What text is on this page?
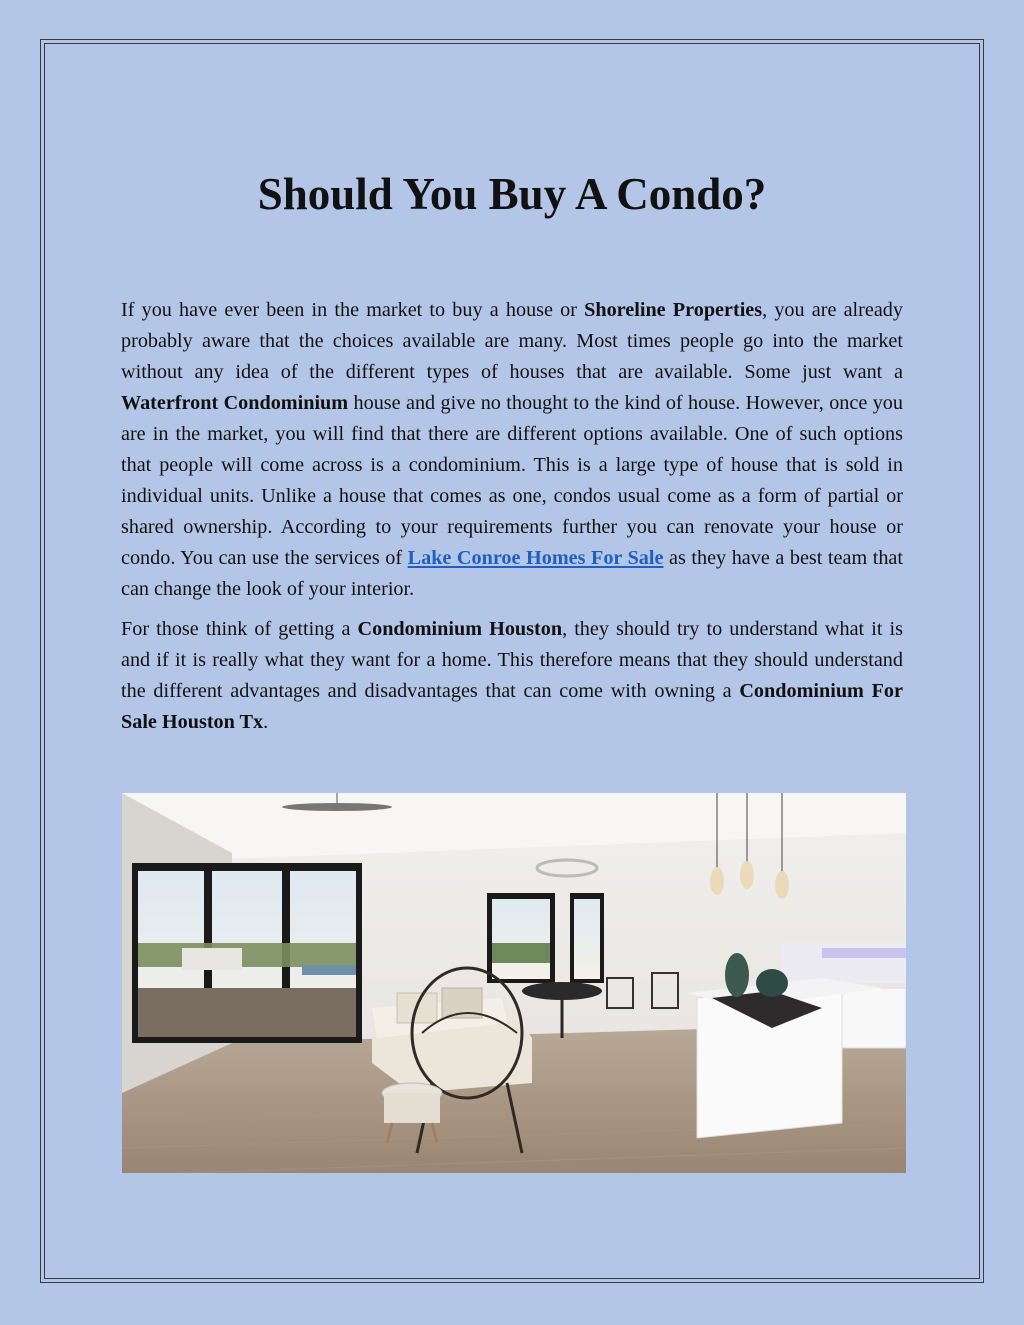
Should You Buy A Condo?

If you have ever been in the market to buy a house or Shoreline Properties, you are already probably aware that the choices available are many. Most times people go into the market without any idea of the different types of houses that are available. Some just want a Waterfront Condominium house and give no thought to the kind of house. However, once you are in the market, you will find that there are different options available. One of such options that people will come across is a condominium. This is a large type of house that is sold in individual units. Unlike a house that comes as one, condos usual come as a form of partial or shared ownership. According to your requirements further you can renovate your house or condo. You can use the services of Lake Conroe Homes For Sale as they have a best team that can change the look of your interior.

For those think of getting a Condominium Houston, they should try to understand what it is and if it is really what they want for a home. This therefore means that they should understand the different advantages and disadvantages that can come with owning a Condominium For Sale Houston Tx.
